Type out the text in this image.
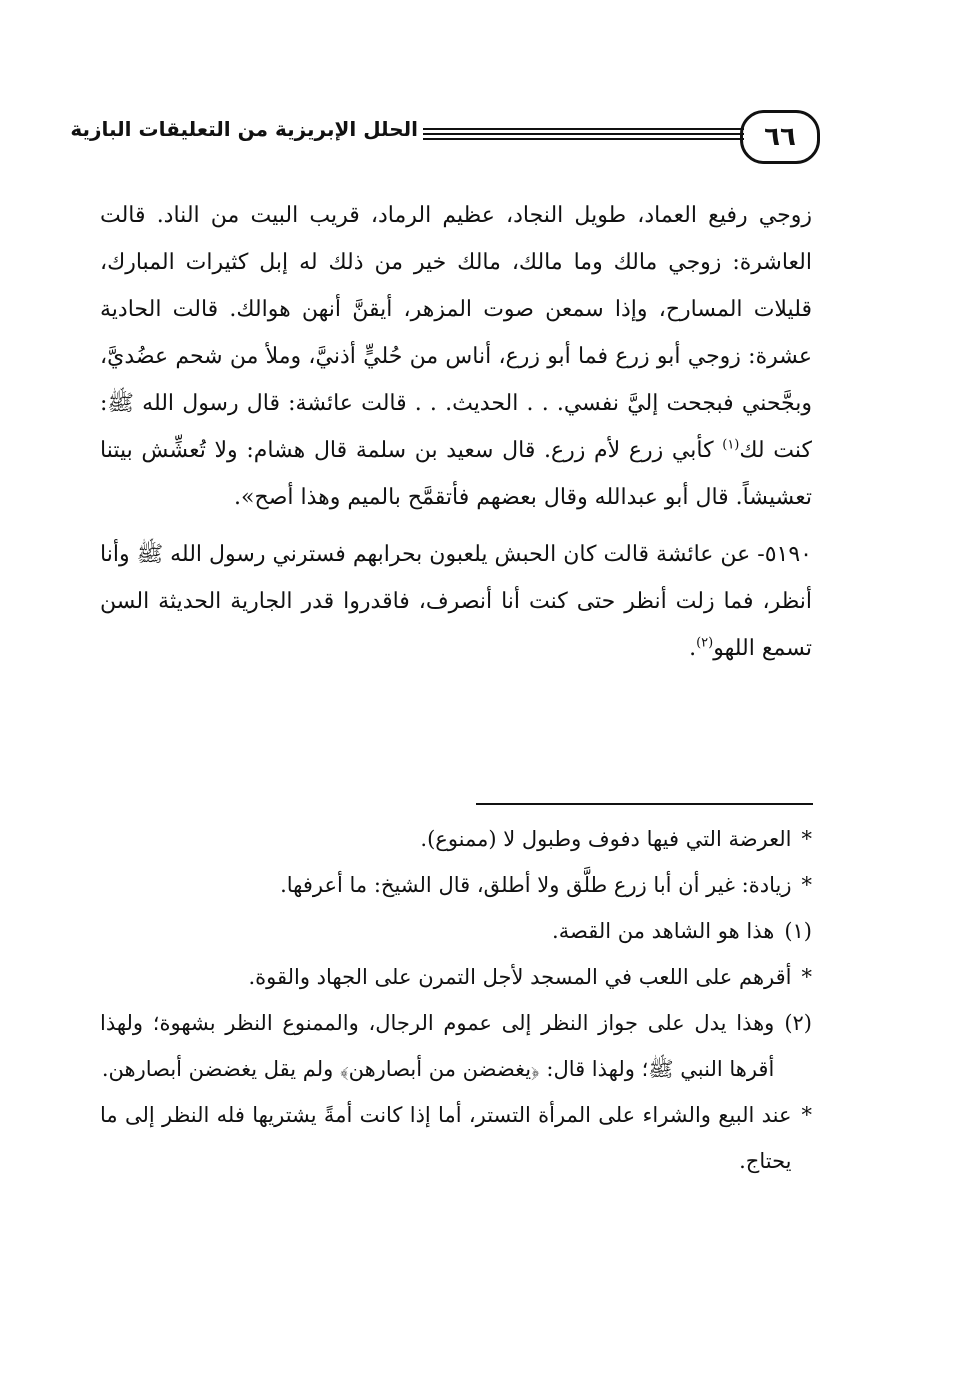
٦٦
الحلل الإبريزية من التعليقات البازية

زوجي رفيع العماد، طويل النجاد، عظيم الرماد، قريب البيت من الناد. قالت العاشرة: زوجي مالك وما مالك، مالك خير من ذلك له إبل كثيرات المبارك، قليلات المسارح، وإذا سمعن صوت المزهر، أيقنَّ أنهن هوالك. قالت الحادية عشرة: زوجي أبو زرع فما أبو زرع، أناس من حُليٍّ أذنيَّ، وملأ من شحم عضُديَّ، وبجَّحني فبجحت إليَّ نفسي. . . الحديث. . . قالت عائشة: قال رسول الله ﷺ: كنت لك$^{(١)}$ كأبي زرع لأم زرع. قال سعيد بن سلمة قال هشام: ولا تُعشِّش بيتنا تعشيشاً. قال أبو عبدالله وقال بعضهم فأتقمَّح بالميم وهذا أصح».

٥١٩٠- عن عائشة قالت كان الحبش يلعبون بحرابهم فسترني رسول الله ﷺ وأنا أنظر، فما زلت أنظر حتى كنت أنا أنصرف، فاقدروا قدر الجارية الحديثة السن تسمع اللهو$^{(٢)}$.

*
العرضة التي فيها دفوف وطبول لا (ممنوع).
*
زيادة: غير أن أبا زرع طلَّق ولا أطلق، قال الشيخ: ما أعرفها.
(١)
هذا هو الشاهد من القصة.
*
أقرهم على اللعب في المسجد لأجل التمرن على الجهاد والقوة.
(٢)
وهذا يدل على جواز النظر إلى عموم الرجال، والممنوع النظر بشهوة؛ ولهذا أقرها النبي ﷺ؛ ولهذا قال: ﴿يغضضن من أبصارهن﴾ ولم يقل يغضضن أبصارهن.
*
عند البيع والشراء على المرأة التستر، أما إذا كانت أمةً يشتريها فله النظر إلى ما يحتاج.
